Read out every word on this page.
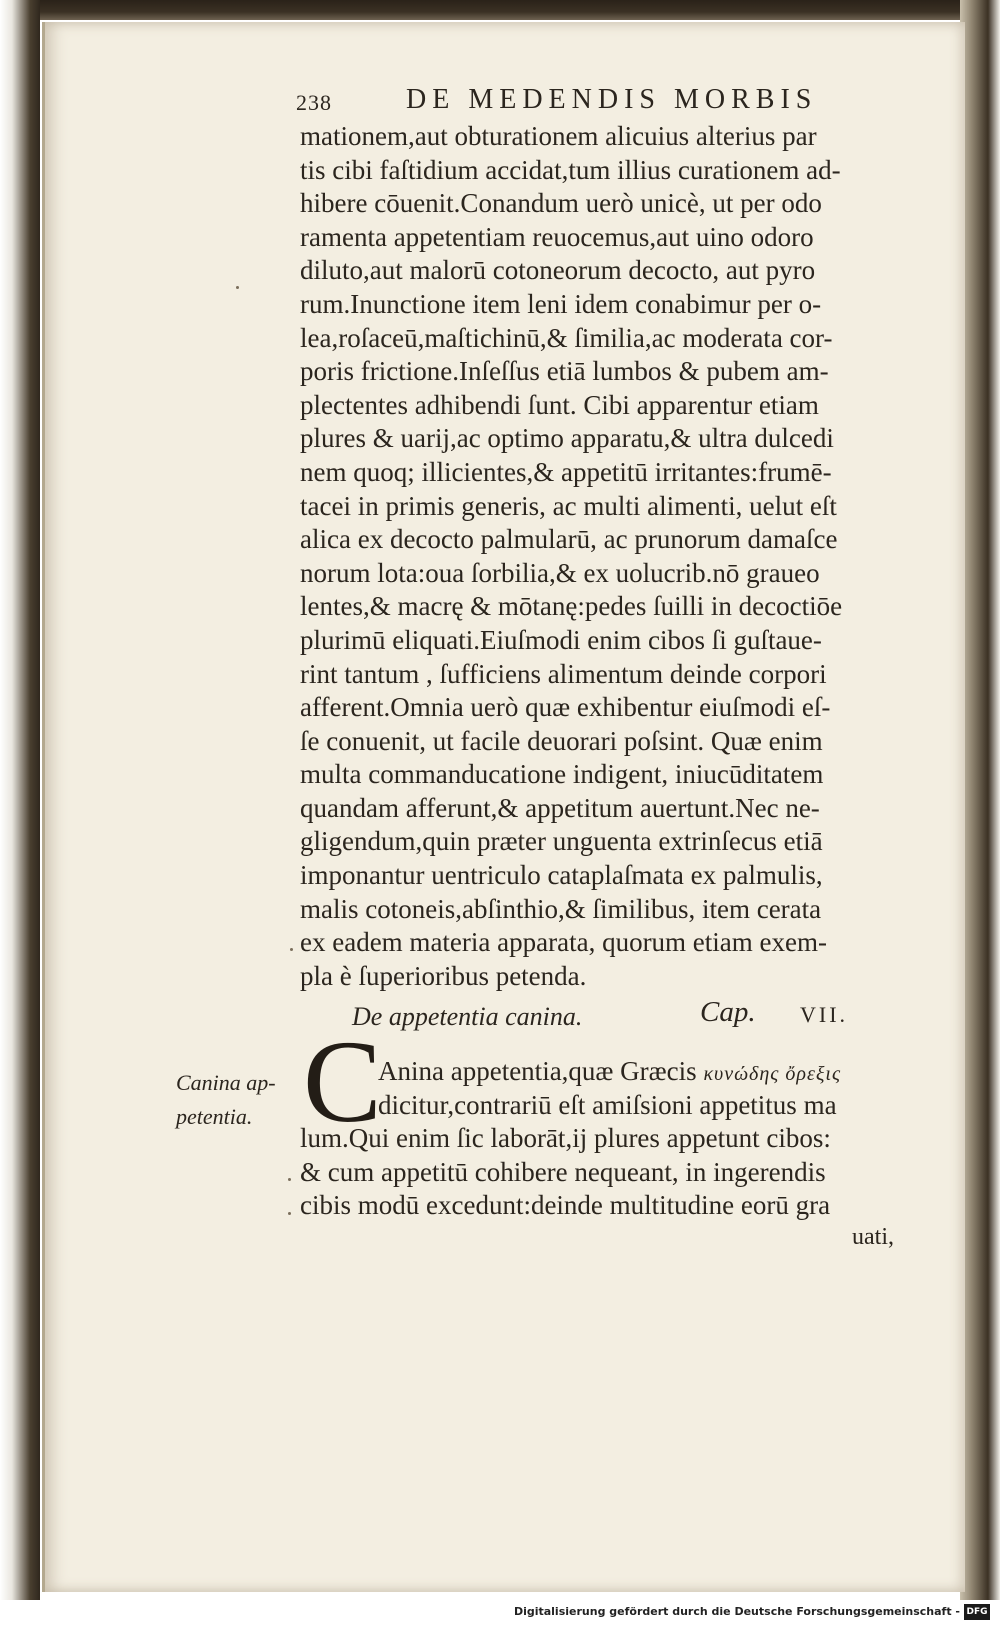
238	DE MEDENDIS MORBIS
mationem,aut obturationem alicuius alterius par
tis cibi faſtidium accidat,tum illius curationem ad-
hibere cōuenit.Conandum uerò unicè, ut per odo
ramenta appetentiam reuocemus,aut uino odoro
diluto,aut malorū cotoneorum decocto, aut pyro
rum.Inunctione item leni idem conabimur per o-
lea,roſaceū,maſtichinū,& ſimilia,ac moderata cor-
poris frictione.Inſeſſus etiā lumbos & pubem am-
plectentes adhibendi ſunt. Cibi apparentur etiam
plures & uarij,ac optimo apparatu,& ultra dulcedi
nem quoq; illicientes,& appetitū irritantes:frumē-
tacei in primis generis, ac multi alimenti, uelut eſt
alica ex decocto palmularū, ac prunorum damaſce
norum lota:oua ſorbilia,& ex uolucrib.nō graueo
lentes,& macrę & mōtanę:pedes ſuilli in decoctiōe
plurimū eliquati.Eiuſmodi enim cibos ſi guſtaue-
rint tantum , ſufficiens alimentum deinde corpori
afferent.Omnia uerò quæ exhibentur eiuſmodi eſ-
ſe conuenit, ut facile deuorari poſsint. Quæ enim
multa commanducatione indigent, iniucūditatem
quandam afferunt,& appetitum auertunt.Nec ne-
gligendum,quin præter unguenta extrinſecus etiā
imponantur uentriculo cataplaſmata ex palmulis,
malis cotoneis,abſinthio,& ſimilibus, item cerata
ex eadem materia apparata, quorum etiam exem-
pla è ſuperioribus petenda.
De appetentia canina.	Cap. VII.
Canina ap-
petentia. C
Anina appetentia,quæ Græcis κυνώδης ὄρεξις
dicitur,contrariū eſt amiſsioni appetitus ma
lum.Qui enim ſic laborāt,ij plures appetunt cibos:
& cum appetitū cohibere nequeant, in ingerendis
cibis modū excedunt:deinde multitudine eorū gra
uati,
Digitalisierung gefördert durch die Deutsche Forschungsgemeinschaft - DFG
